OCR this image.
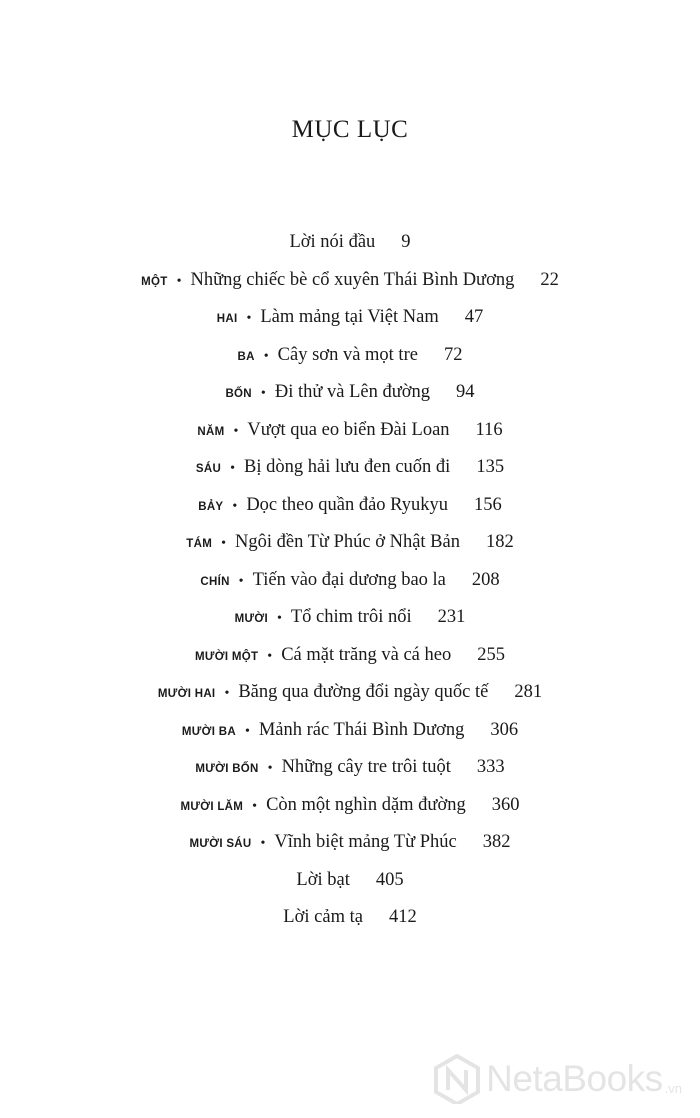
MỤC LỤC
Lời nói đầu 9
MỘT • Những chiếc bè cổ xuyên Thái Bình Dương 22
HAI • Làm mảng tại Việt Nam 47
BA • Cây sơn và mọt tre 72
BỐN • Đi thử và Lên đường 94
NĂM • Vượt qua eo biển Đài Loan 116
SÁU • Bị dòng hải lưu đen cuốn đi 135
BẢY • Dọc theo quần đảo Ryukyu 156
TÁM • Ngôi đền Từ Phúc ở Nhật Bản 182
CHÍN • Tiến vào đại dương bao la 208
MƯỜI • Tổ chim trôi nổi 231
MƯỜI MỘT • Cá mặt trăng và cá heo 255
MƯỜI HAI • Băng qua đường đổi ngày quốc tế 281
MƯỜI BA • Mảnh rác Thái Bình Dương 306
MƯỜI BỐN • Những cây tre trôi tuột 333
MƯỜI LĂM • Còn một nghìn dặm đường 360
MƯỜI SÁU • Vĩnh biệt mảng Từ Phúc 382
Lời bạt 405
Lời cảm tạ 412
NetaBooks .vn
